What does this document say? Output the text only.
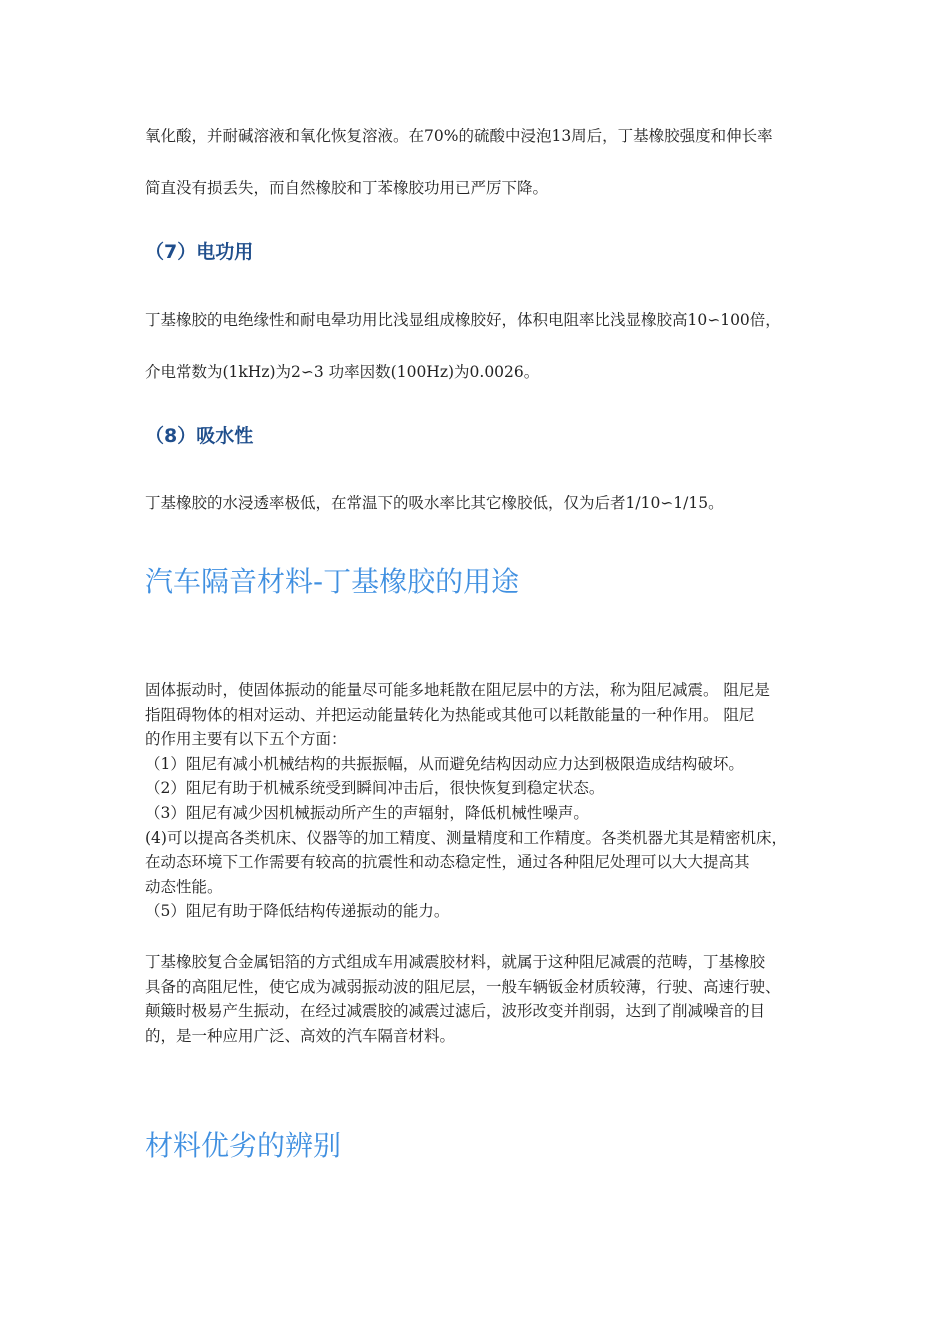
氧化酸，并耐碱溶液和氧化恢复溶液。在70%的硫酸中浸泡13周后，丁基橡胶强度和伸长率
简直没有损丢失，而自然橡胶和丁苯橡胶功用已严厉下降。
（7）电功用
丁基橡胶的电绝缘性和耐电晕功用比浅显组成橡胶好，体积电阻率比浅显橡胶高10∽100倍，
介电常数为(1kHz)为2∽3 功率因数(100Hz)为0.0026。
（8）吸水性
丁基橡胶的水浸透率极低，在常温下的吸水率比其它橡胶低，仅为后者1/10∽1/15。
汽车隔音材料-丁基橡胶的用途
固体振动时，使固体振动的能量尽可能多地耗散在阻尼层中的方法，称为阻尼减震。 阻尼是
指阻碍物体的相对运动、并把运动能量转化为热能或其他可以耗散能量的一种作用。 阻尼
的作用主要有以下五个方面：
（1）阻尼有减小机械结构的共振振幅，从而避免结构因动应力达到极限造成结构破坏。
（2）阻尼有助于机械系统受到瞬间冲击后，很快恢复到稳定状态。
（3）阻尼有减少因机械振动所产生的声辐射，降低机械性噪声。
(4)可以提高各类机床、仪器等的加工精度、测量精度和工作精度。各类机器尤其是精密机床，
在动态环境下工作需要有较高的抗震性和动态稳定性，通过各种阻尼处理可以大大提高其
动态性能。
（5）阻尼有助于降低结构传递振动的能力。
丁基橡胶复合金属铝箔的方式组成车用减震胶材料，就属于这种阻尼减震的范畴，丁基橡胶
具备的高阻尼性，使它成为减弱振动波的阻尼层，一般车辆钣金材质较薄，行驶、高速行驶、
颠簸时极易产生振动，在经过减震胶的减震过滤后，波形改变并削弱，达到了削减噪音的目
的，是一种应用广泛、高效的汽车隔音材料。
材料优劣的辨别
